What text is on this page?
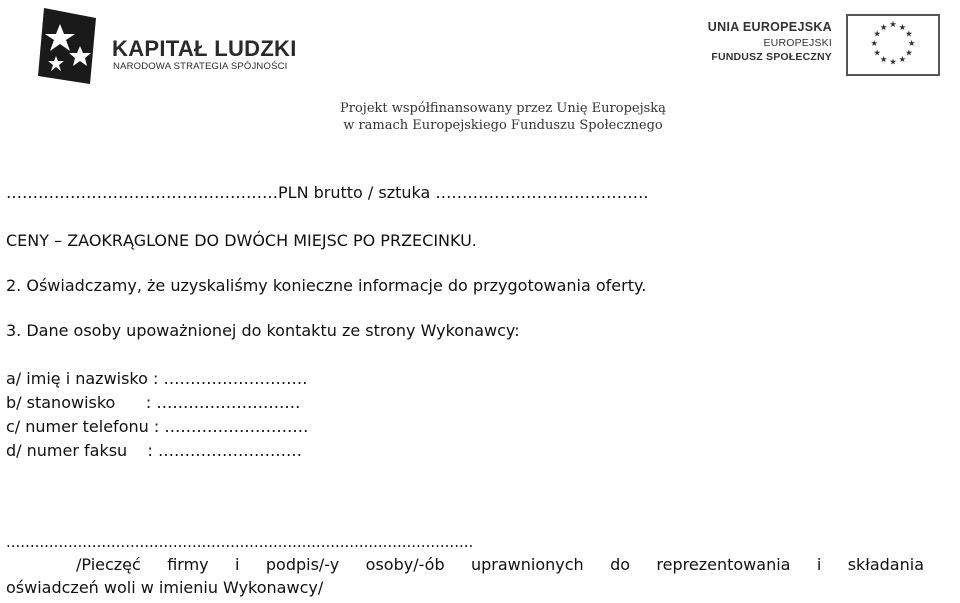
KAPITAŁ LUDZKI
NARODOWA STRATEGIA SPÓJNOŚCI
UNIA EUROPEJSKA
EUROPEJSKI
FUNDUSZ SPOŁECZNY
★ ★
★
★
★
★
★
★
★
★
★
★
Projekt współfinansowany przez Unię Europejską
w ramach Europejskiego Funduszu Społecznego
……………………………………………PLN brutto / sztuka ………………………………….
CENY – ZAOKRĄGLONE DO DWÓCH MIEJSC PO PRZECINKU.
2. Oświadczamy, że uzyskaliśmy konieczne informacje do przygotowania oferty.
3. Dane osoby upoważnionej do kontaktu ze strony Wykonawcy:
a/ imię i nazwisko : ………………………
b/ stanowisko      : ………………………
c/ numer telefonu : ………………………
d/ numer faksu    : ………………………
..................................................................................................
/Pieczęć firmy i podpis/-y osoby/-ób uprawnionych do reprezentowania i składania
oświadczeń woli w imieniu Wykonawcy/
